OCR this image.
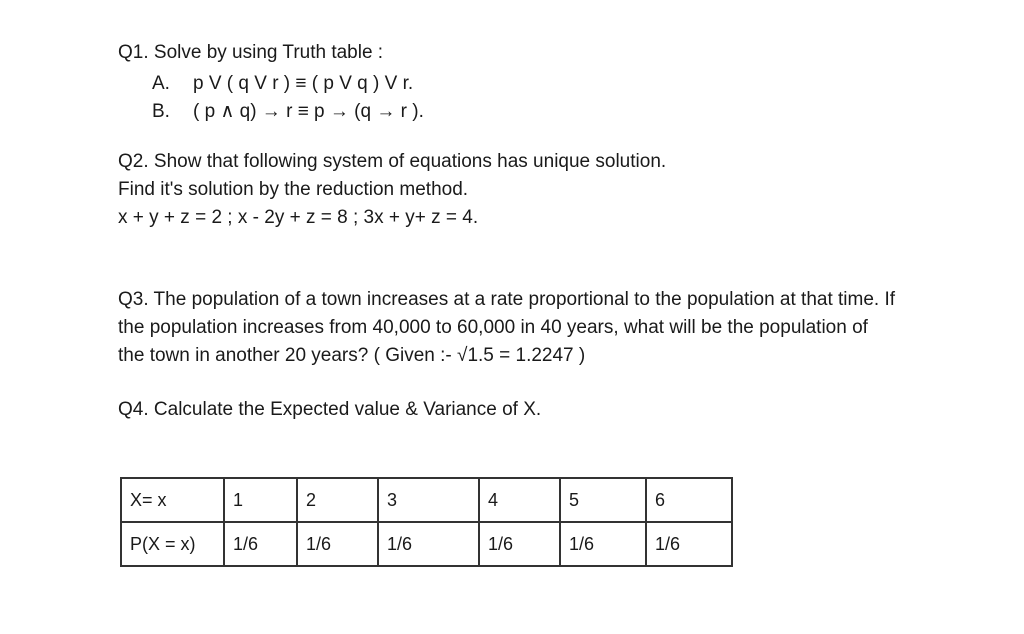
Q1. Solve by using Truth table :
A. p V ( q V r ) ≡ ( p V q ) V r.
B. ( p ∧ q) → r ≡ p → (q → r ).
Q2. Show that following system of equations has unique solution.
Find it's solution by the reduction method.
x + y + z = 2 ; x - 2y + z = 8 ; 3x + y+ z = 4.
Q3. The population of a town increases at a rate proportional to the population at that time. If
the population increases from 40,000 to 60,000 in 40 years, what will be the population of
the town in another 20 years? ( Given :- √1.5 = 1.2247 )
Q4. Calculate the Expected value & Variance of X.
X= x	1	2	3	4	5	6
P(X = x)	1/6	1/6	1/6	1/6	1/6	1/6
